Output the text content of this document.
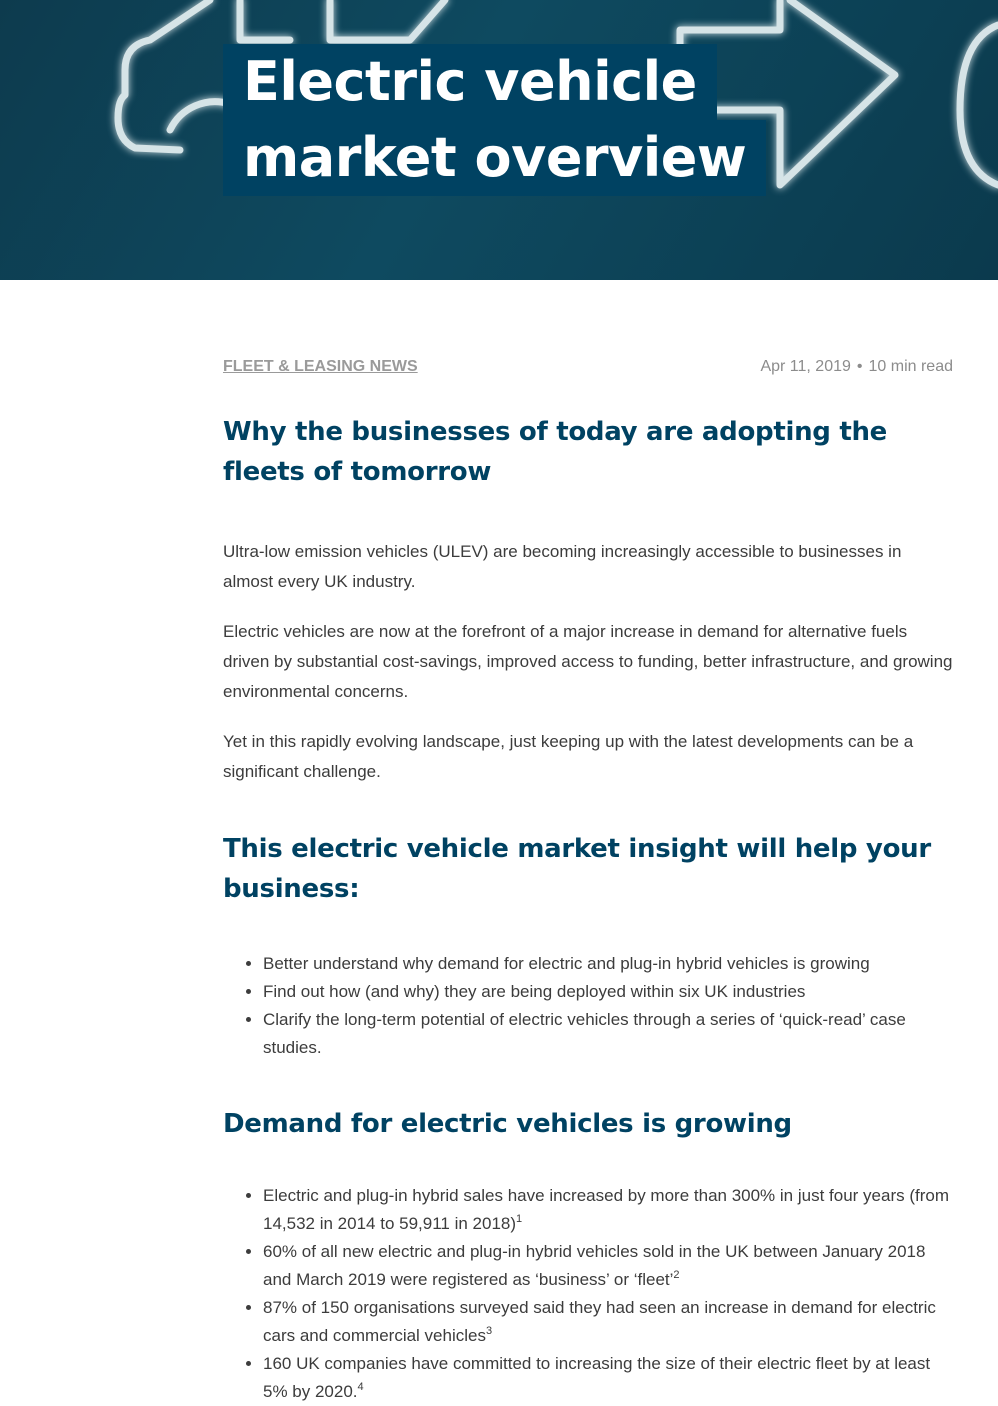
Electric vehicle
market overview
FLEET & LEASING NEWS	Apr 11, 2019 • 10 min read
Why the businesses of today are adopting the fleets of tomorrow

Ultra-low emission vehicles (ULEV) are becoming increasingly accessible to businesses in almost every UK industry.

Electric vehicles are now at the forefront of a major increase in demand for alternative fuels driven by substantial cost-savings, improved access to funding, better infrastructure, and growing environmental concerns.

Yet in this rapidly evolving landscape, just keeping up with the latest developments can be a significant challenge.

This electric vehicle market insight will help your business:
• Better understand why demand for electric and plug-in hybrid vehicles is growing
• Find out how (and why) they are being deployed within six UK industries
• Clarify the long-term potential of electric vehicles through a series of ‘quick-read’ case studies.
Demand for electric vehicles is growing
• Electric and plug-in hybrid sales have increased by more than 300% in just four years (from 14,532 in 2014 to 59,911 in 2018)$^1$
• 60% of all new electric and plug-in hybrid vehicles sold in the UK between January 2018 and March 2019 were registered as ‘business’ or ‘fleet’$^2$
• 87% of 150 organisations surveyed said they had seen an increase in demand for electric cars and commercial vehicles$^3$
• 160 UK companies have committed to increasing the size of their electric fleet by at least 5% by 2020.$^4$
